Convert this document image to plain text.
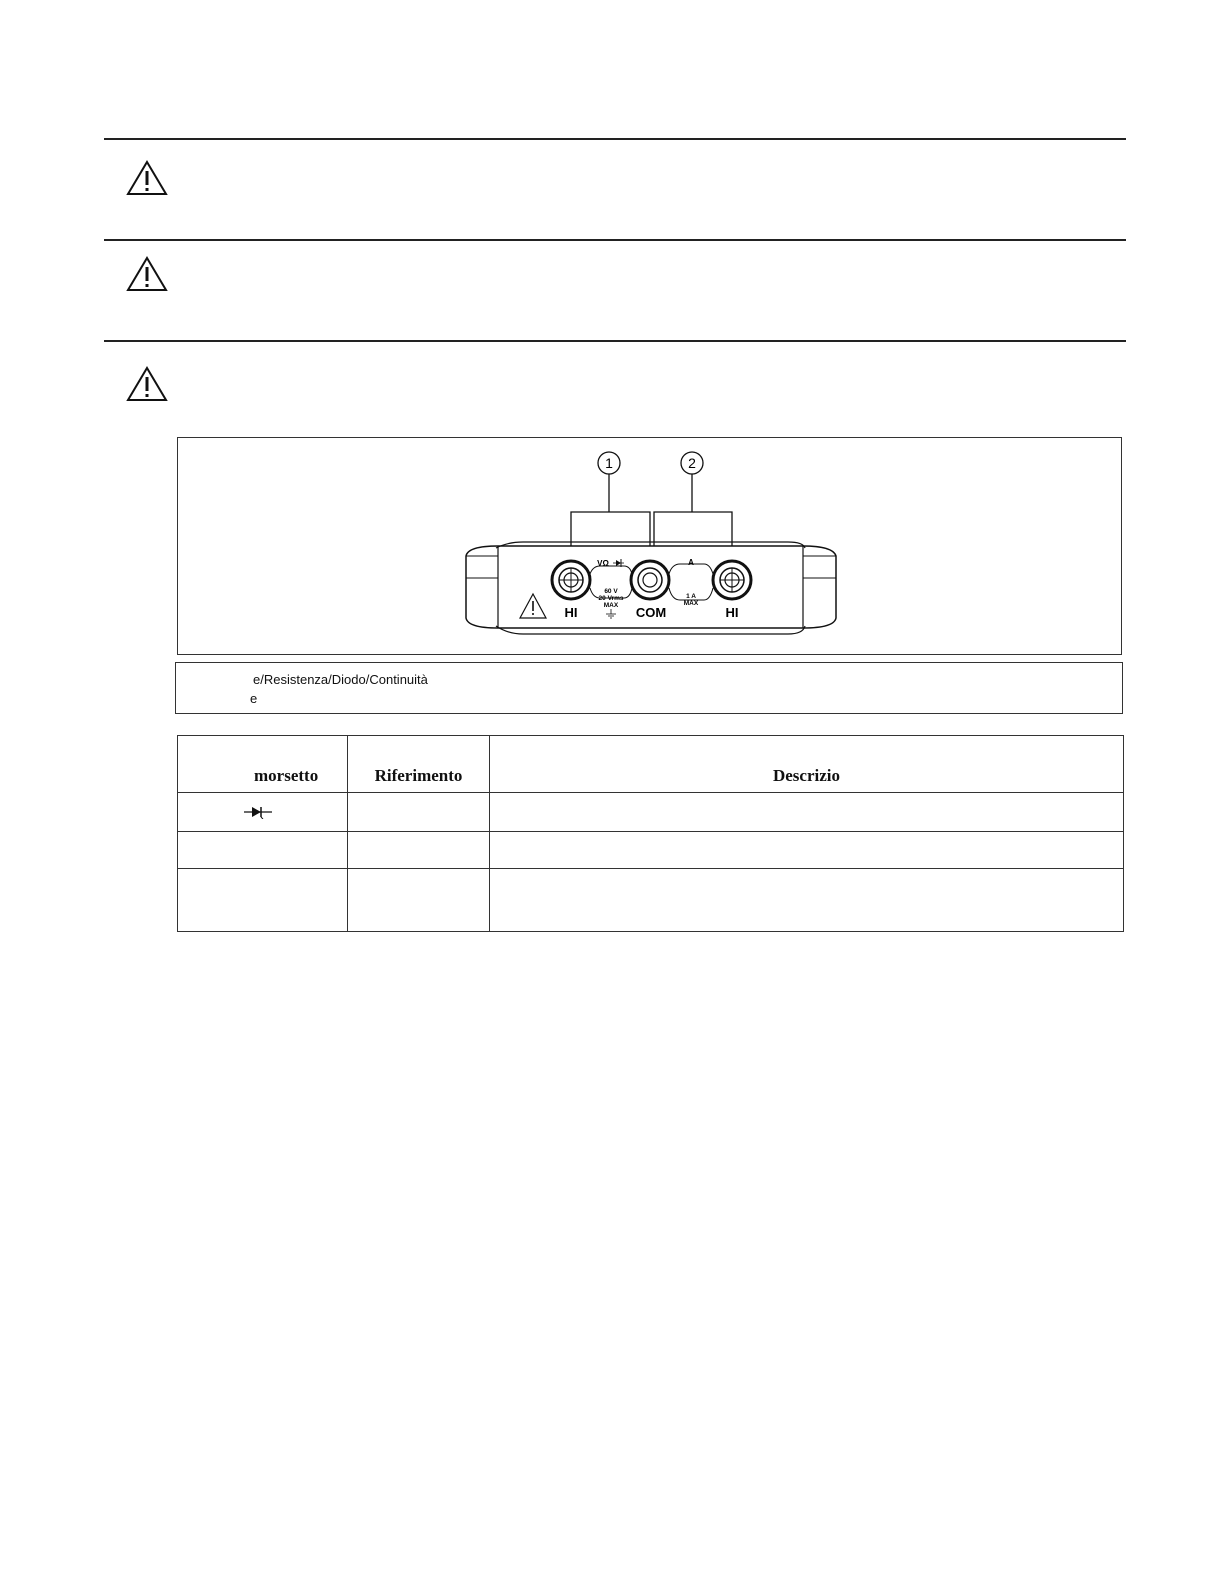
1	2
HI	COM	HI
VΩ	A
60 V
20 Vrms
MAX
1 A
MAX
e/Resistenza/Diodo/Continuità
e
morsetto	Riferimento	Descrizio
